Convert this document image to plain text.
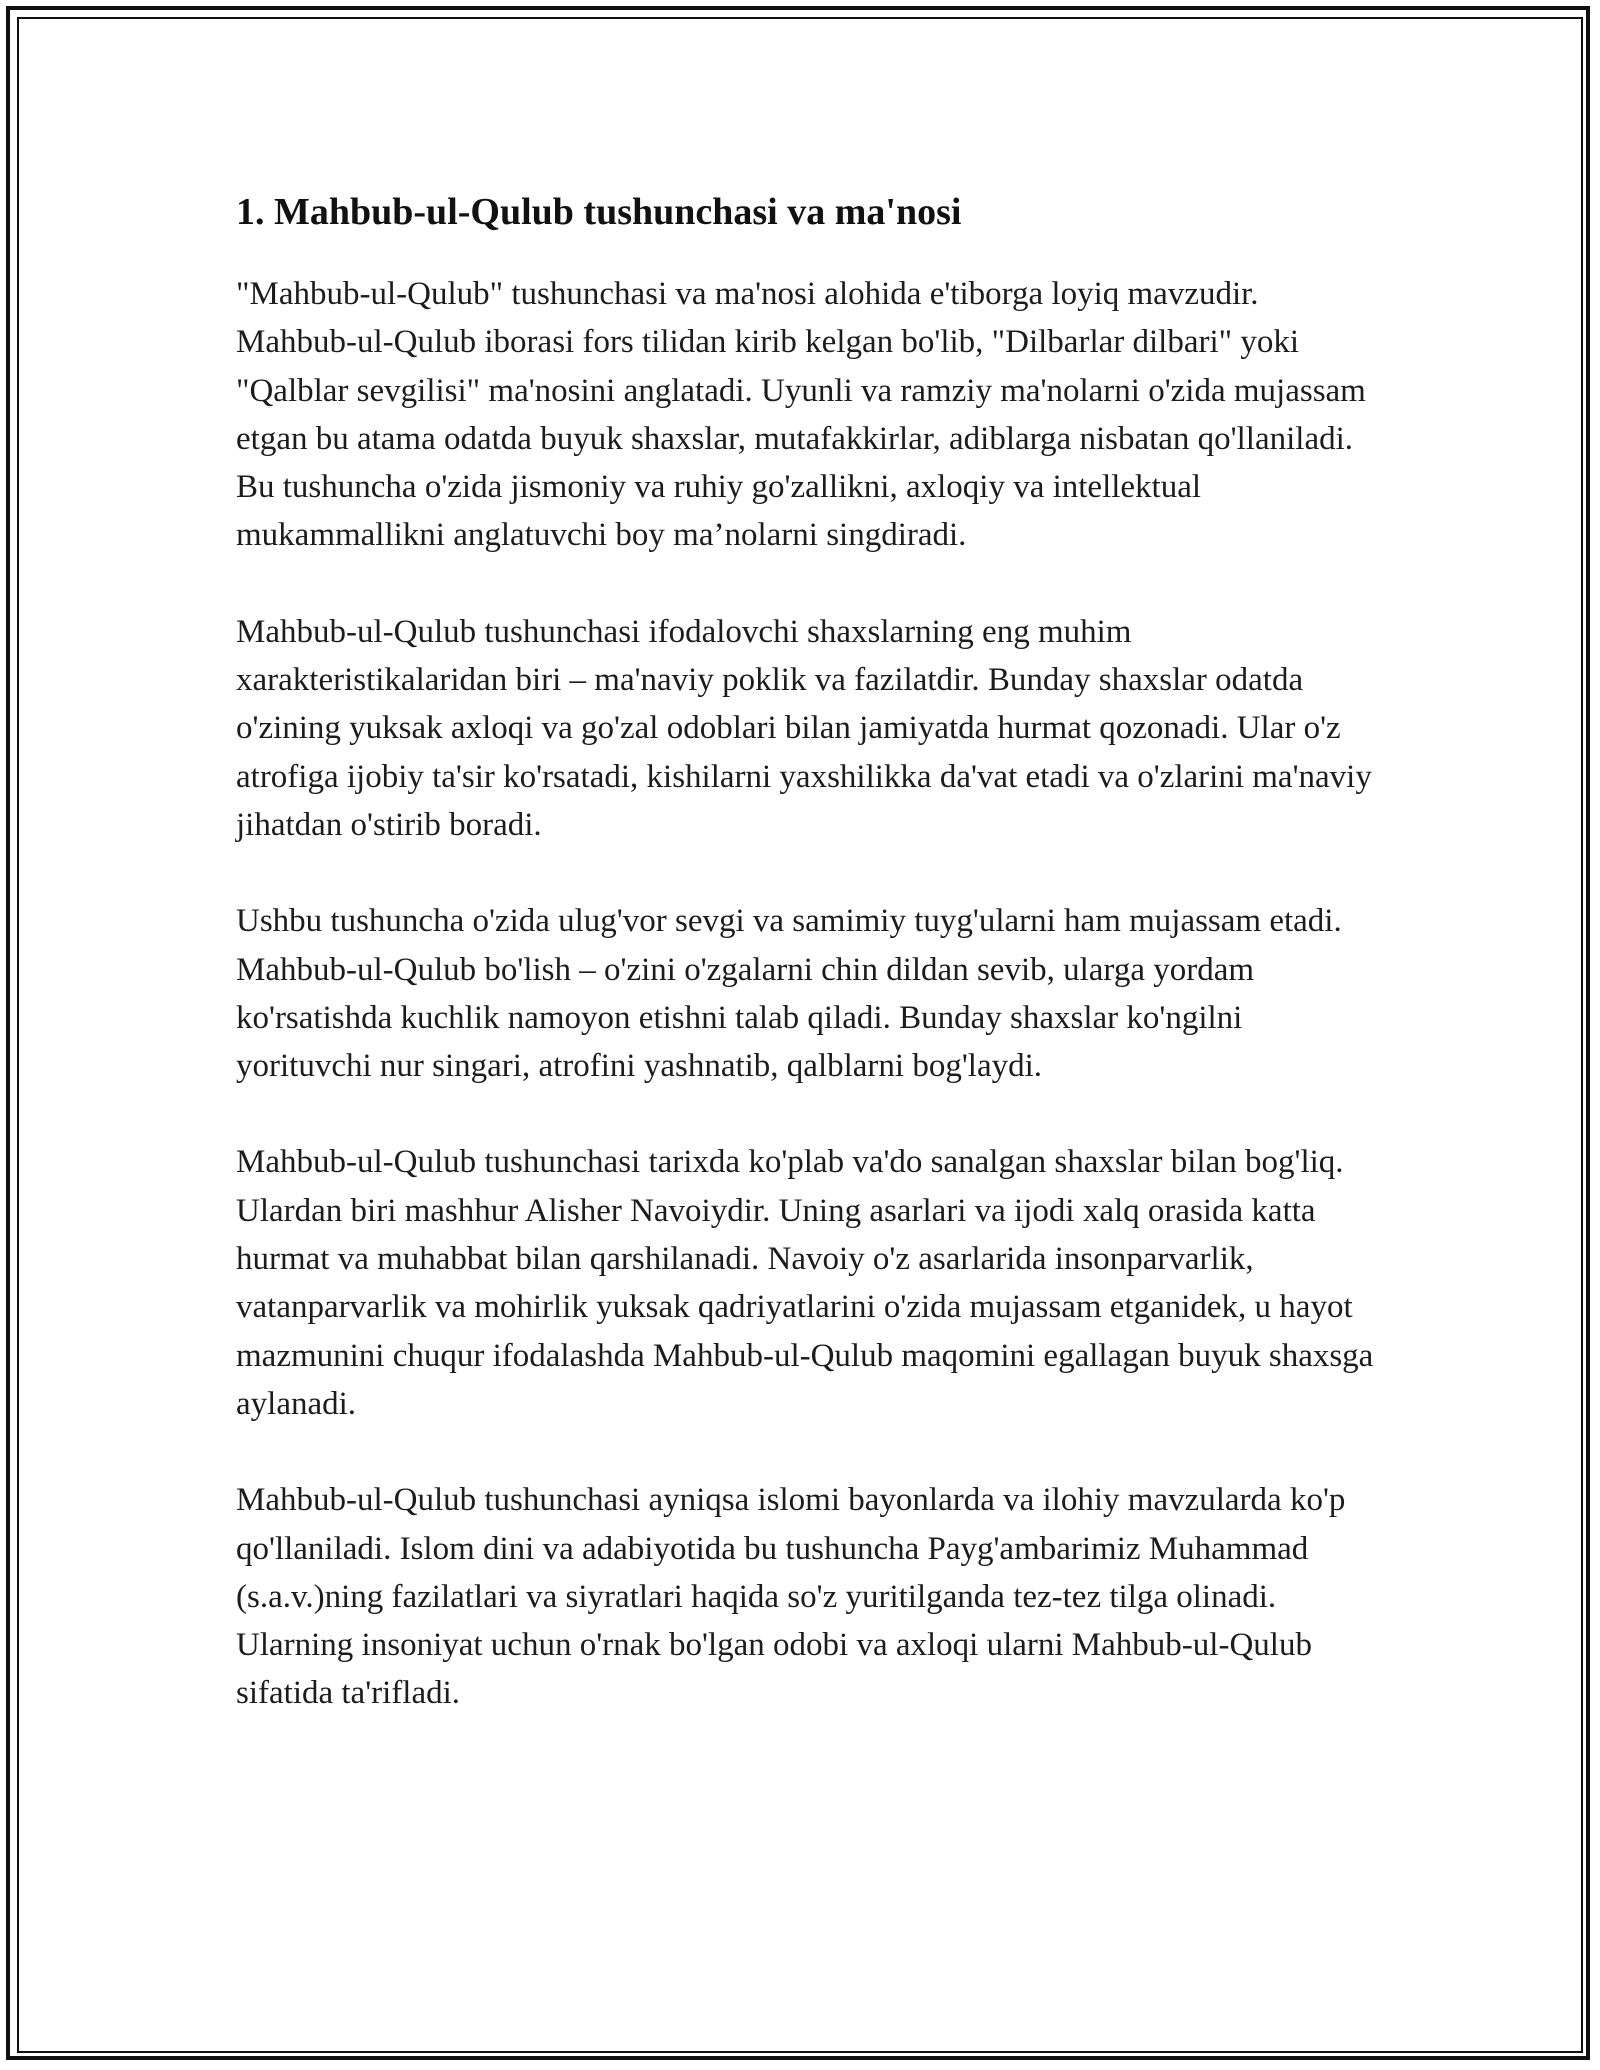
1. Mahbub-ul-Qulub tushunchasi va ma'nosi

"Mahbub-ul-Qulub" tushunchasi va ma'nosi alohida e'tiborga loyiq mavzudir. Mahbub-ul-Qulub iborasi fors tilidan kirib kelgan bo'lib, "Dilbarlar dilbari" yoki "Qalblar sevgilisi" ma'nosini anglatadi. Uyunli va ramziy ma'nolarni o'zida mujassam etgan bu atama odatda buyuk shaxslar, mutafakkirlar, adiblarga nisbatan qo'llaniladi. Bu tushuncha o'zida jismoniy va ruhiy go'zallikni, axloqiy va intellektual mukammallikni anglatuvchi boy ma’nolarni singdiradi.

Mahbub-ul-Qulub tushunchasi ifodalovchi shaxslarning eng muhim xarakteristikalaridan biri – ma'naviy poklik va fazilatdir. Bunday shaxslar odatda o'zining yuksak axloqi va go'zal odoblari bilan jamiyatda hurmat qozonadi. Ular o'z atrofiga ijobiy ta'sir ko'rsatadi, kishilarni yaxshilikka da'vat etadi va o'zlarini ma'naviy jihatdan o'stirib boradi.

Ushbu tushuncha o'zida ulug'vor sevgi va samimiy tuyg'ularni ham mujassam etadi. Mahbub-ul-Qulub bo'lish – o'zini o'zgalarni chin dildan sevib, ularga yordam ko'rsatishda kuchlik namoyon etishni talab qiladi. Bunday shaxslar ko'ngilni yorituvchi nur singari, atrofini yashnatib, qalblarni bog'laydi.

Mahbub-ul-Qulub tushunchasi tarixda ko'plab va'do sanalgan shaxslar bilan bog'liq. Ulardan biri mashhur Alisher Navoiydir. Uning asarlari va ijodi xalq orasida katta hurmat va muhabbat bilan qarshilanadi. Navoiy o'z asarlarida insonparvarlik, vatanparvarlik va mohirlik yuksak qadriyatlarini o'zida mujassam etganidek, u hayot mazmunini chuqur ifodalashda Mahbub-ul-Qulub maqomini egallagan buyuk shaxsga aylanadi.

Mahbub-ul-Qulub tushunchasi ayniqsa islomi bayonlarda va ilohiy mavzularda ko'p qo'llaniladi. Islom dini va adabiyotida bu tushuncha Payg'ambarimiz Muhammad (s.a.v.)ning fazilatlari va siyratlari haqida so'z yuritilganda tez-tez tilga olinadi. Ularning insoniyat uchun o'rnak bo'lgan odobi va axloqi ularni Mahbub-ul-Qulub sifatida ta'rifladi.
